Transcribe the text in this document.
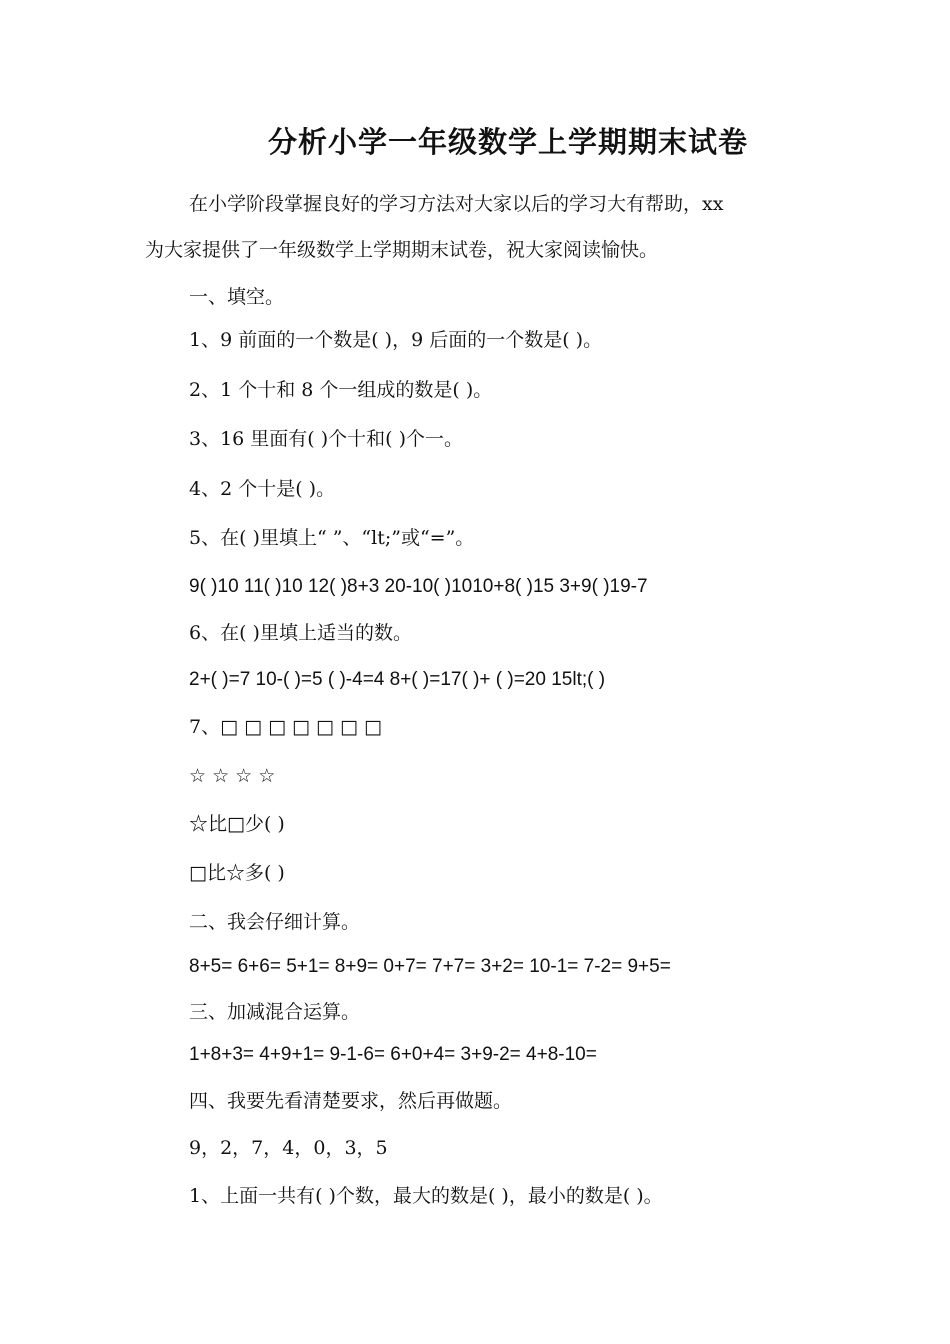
分析小学一年级数学上学期期末试卷
在小学阶段掌握良好的学习方法对大家以后的学习大有帮助，xx
为大家提供了一年级数学上学期期末试卷，祝大家阅读愉快。
一、填空。
1、9 前面的一个数是( )，9 后面的一个数是( )。
2、1 个十和 8 个一组成的数是( )。
3、16 里面有( )个十和( )个一。
4、2 个十是( )。
5、在( )里填上“ ”、“lt;”或“=”。
9( )10 11( )10 12( )8+3 20-10( )1010+8( )15 3+9( )19-7
6、在( )里填上适当的数。
2+( )=7 10-( )=5 ( )-4=4 8+( )=17( )+ ( )=20 15lt;( )
7、□ □ □ □ □ □ □
☆ ☆ ☆ ☆
☆比□少( )
□比☆多( )
二、我会仔细计算。
8+5= 6+6= 5+1= 8+9= 0+7= 7+7= 3+2= 10-1= 7-2= 9+5=
三、加减混合运算。
1+8+3= 4+9+1= 9-1-6= 6+0+4= 3+9-2= 4+8-10=
四、我要先看清楚要求，然后再做题。
9，2，7，4，0，3，5
1、上面一共有( )个数，最大的数是( )，最小的数是( )。
